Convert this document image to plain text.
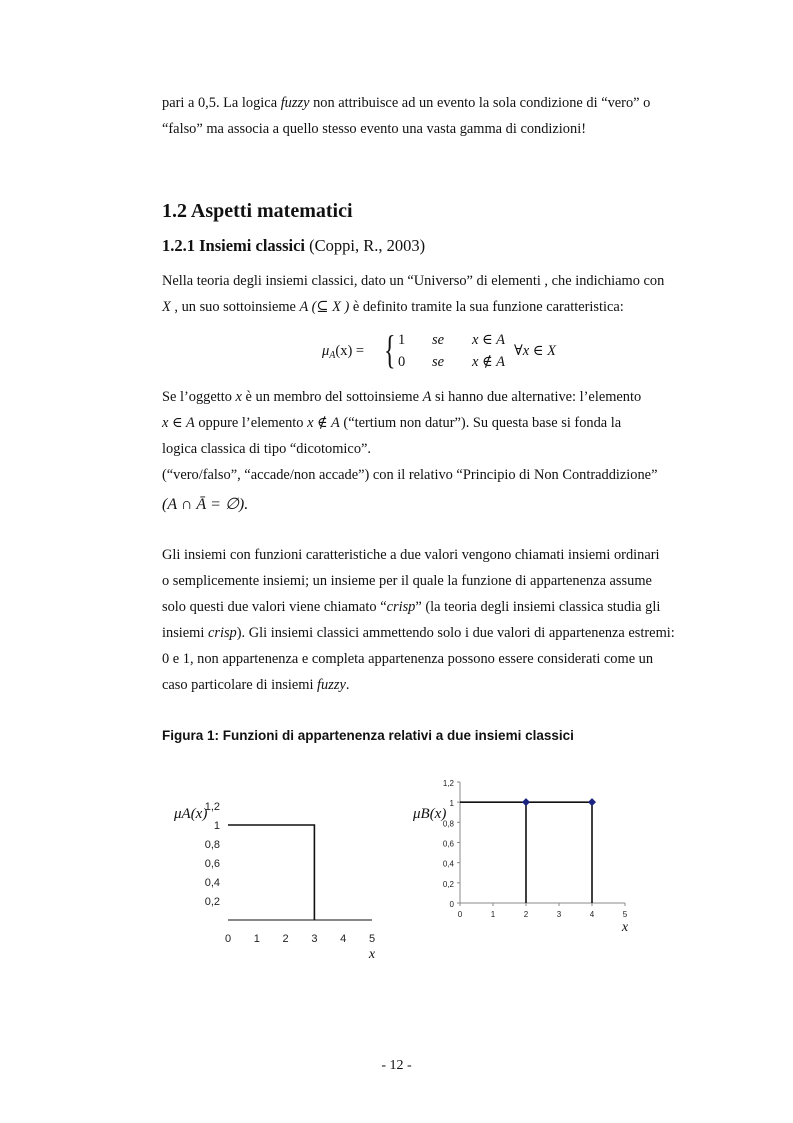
pari a 0,5. La logica fuzzy non attribuisce ad un evento la sola condizione di “vero” o
“falso” ma associa a quello stesso evento una vasta gamma di condizioni!
1.2 Aspetti matematici
1.2.1 Insiemi classici (Coppi, R., 2003)
Nella teoria degli insiemi classici, dato un “Universo” di elementi , che indichiamo con
X , un suo sottoinsieme A (⊆ X ) è definito tramite la sua funzione caratteristica:
$\mu_A(x)$ = { 1 se x ∈ A
0 se x ∉ A
∀x ∈ X
Se l’oggetto x è un membro del sottoinsieme A si hanno due alternative: l’elemento
x ∈ A oppure l’elemento x ∉ A (“tertium non datur”). Su questa base si fonda la
logica classica di tipo “dicotomico”.
(“vero/falso”, “accade/non accade”) con il relativo “Principio di Non Contraddizione”
(A ∩ Ā = ∅).
Gli insiemi con funzioni caratteristiche a due valori vengono chiamati insiemi ordinari
o semplicemente insiemi; un insieme per il quale la funzione di appartenenza assume
solo questi due valori viene chiamato “crisp” (la teoria degli insiemi classica studia gli
insiemi crisp). Gli insiemi classici ammettendo solo i due valori di appartenenza estremi:
0 e 1, non appartenenza e completa appartenenza possono essere considerati come un
caso particolare di insiemi fuzzy.
Figura 1: Funzioni di appartenenza relativi a due insiemi classici
0 1 2 3 4 5
0,2
0,4
0,6
0,8
1
1,2
μA(x)
x
0	1	2	3	4	5
0
0,2
0,4
0,6
0,8
1
1,2
μB(x)
x
- 12 -
